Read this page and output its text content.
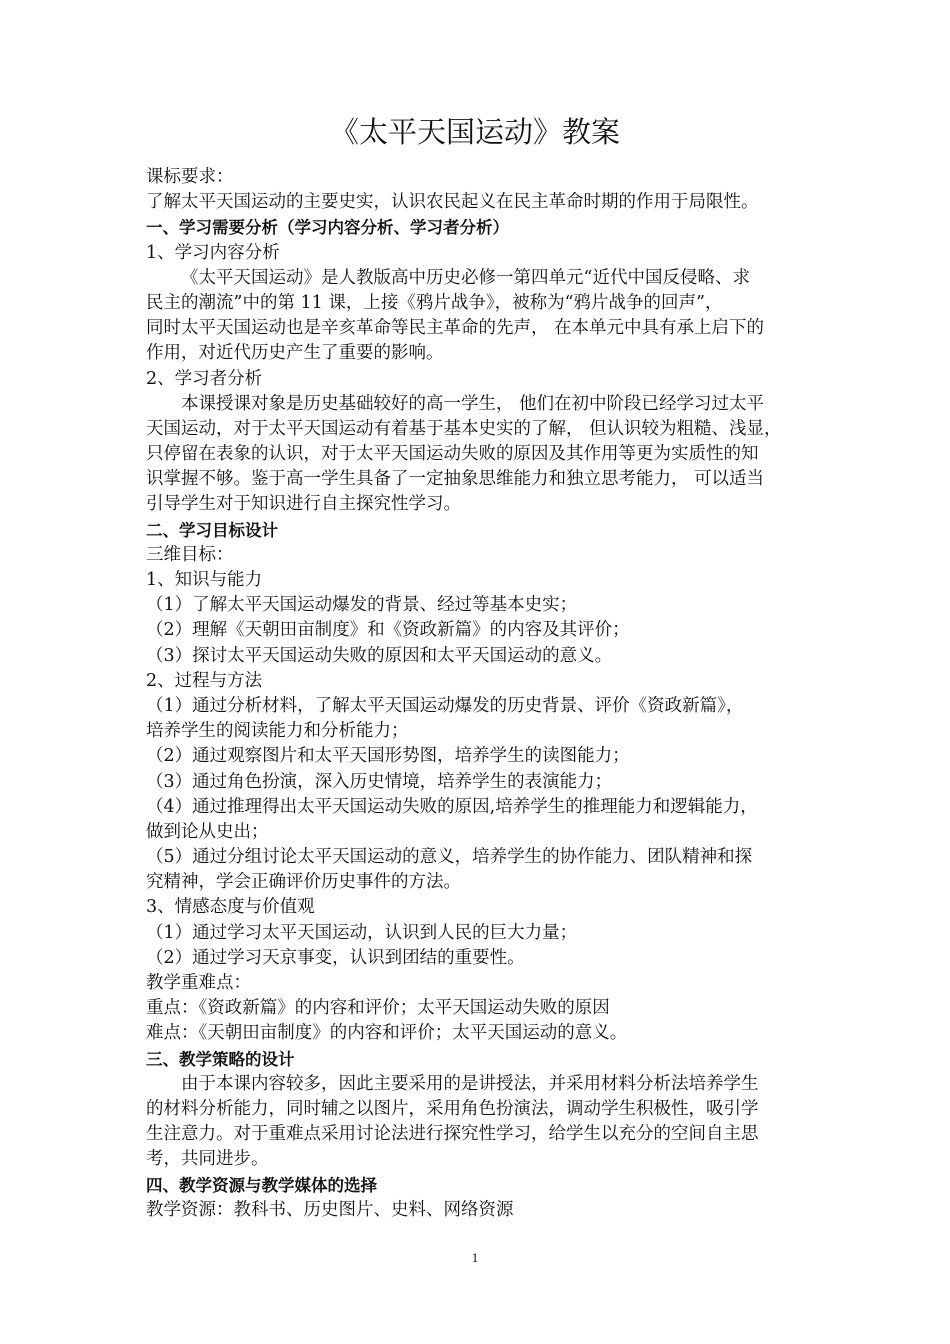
《太平天国运动》教案
课标要求：
了解太平天国运动的主要史实，认识农民起义在民主革命时期的作用于局限性。
一、学习需要分析（学习内容分析、学习者分析）
1、学习内容分析
《太平天国运动》是人教版高中历史必修一第四单元“近代中国反侵略、求
民主的潮流”中的第 11 课，上接《鸦片战争》，被称为“鸦片战争的回声”，
同时太平天国运动也是辛亥革命等民主革命的先声， 在本单元中具有承上启下的
作用，对近代历史产生了重要的影响。
2、学习者分析
本课授课对象是历史基础较好的高一学生， 他们在初中阶段已经学习过太平
天国运动，对于太平天国运动有着基于基本史实的了解， 但认识较为粗糙、浅显，
只停留在表象的认识，对于太平天国运动失败的原因及其作用等更为实质性的知
识掌握不够。鉴于高一学生具备了一定抽象思维能力和独立思考能力， 可以适当
引导学生对于知识进行自主探究性学习。
二、学习目标设计
三维目标：
1、知识与能力
（1）了解太平天国运动爆发的背景、经过等基本史实；
（2）理解《天朝田亩制度》和《资政新篇》的内容及其评价；
（3）探讨太平天国运动失败的原因和太平天国运动的意义。
2、过程与方法
（1）通过分析材料，了解太平天国运动爆发的历史背景、评价《资政新篇》，
培养学生的阅读能力和分析能力；
（2）通过观察图片和太平天国形势图，培养学生的读图能力；
（3）通过角色扮演，深入历史情境，培养学生的表演能力；
（4）通过推理得出太平天国运动失败的原因,培养学生的推理能力和逻辑能力，
做到论从史出；
（5）通过分组讨论太平天国运动的意义，培养学生的协作能力、团队精神和探
究精神，学会正确评价历史事件的方法。
3、情感态度与价值观
（1）通过学习太平天国运动，认识到人民的巨大力量；
（2）通过学习天京事变，认识到团结的重要性。
教学重难点：
重点：《资政新篇》的内容和评价；太平天国运动失败的原因
难点：《天朝田亩制度》的内容和评价；太平天国运动的意义。
三、教学策略的设计
由于本课内容较多，因此主要采用的是讲授法，并采用材料分析法培养学生
的材料分析能力，同时辅之以图片，采用角色扮演法，调动学生积极性，吸引学
生注意力。对于重难点采用讨论法进行探究性学习，给学生以充分的空间自主思
考，共同进步。
四、教学资源与教学媒体的选择
教学资源：教科书、历史图片、史料、网络资源
1
